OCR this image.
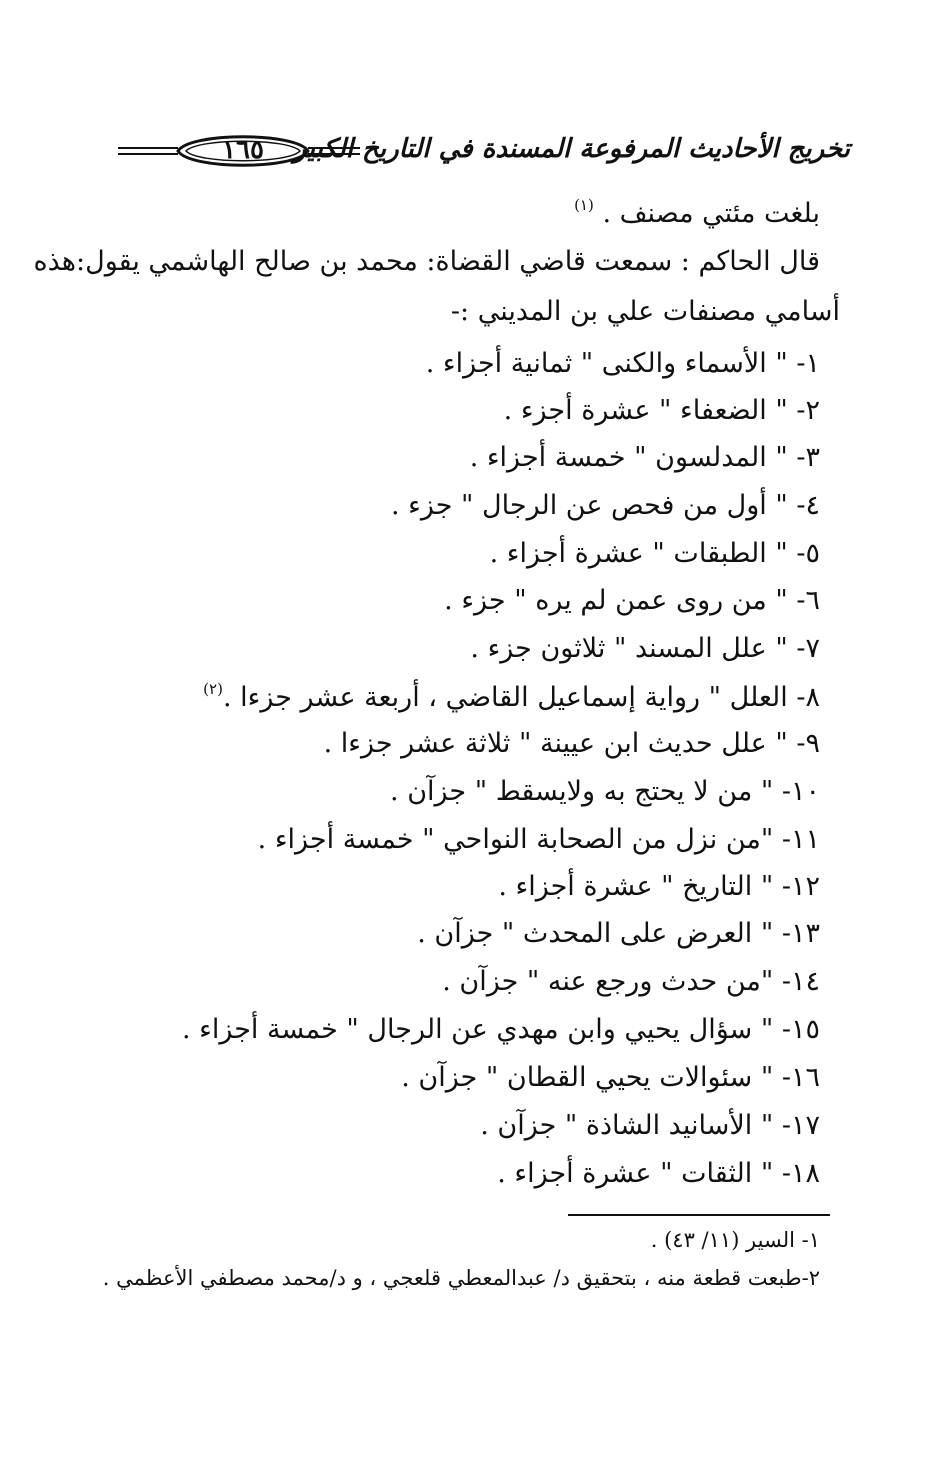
١٦٥	تخريج الأحاديث المرفوعة المسندة في التاريخ الكبير
بلغت مئتي مصنف . $^{(١)}$
قال الحاكم : سمعت قاضي القضاة: محمد بن صالح الهاشمي يقول:هذه
أسامي مصنفات علي بن المديني :-
١- " الأسماء والكنى " ثمانية أجزاء .
٢- " الضعفاء " عشرة أجزء .
٣- " المدلسون " خمسة أجزاء .
٤- " أول من فحص عن الرجال " جزء .
٥- " الطبقات " عشرة أجزاء .
٦- " من روى عمن لم يره " جزء .
٧- " علل المسند " ثلاثون جزء .
٨- العلل " رواية إسماعيل القاضي ، أربعة عشر جزءا .$^{(٢)}$
٩- " علل حديث ابن عيينة " ثلاثة عشر جزءا .
١٠- " من لا يحتج به ولايسقط " جزآن .
١١- "من نزل من الصحابة النواحي " خمسة أجزاء .
١٢- " التاريخ " عشرة أجزاء .
١٣- " العرض على المحدث " جزآن .
١٤- "من حدث ورجع عنه " جزآن .
١٥- " سؤال يحيي وابن مهدي عن الرجال " خمسة أجزاء .
١٦- " سئوالات يحيي القطان " جزآن .
١٧- " الأسانيد الشاذة " جزآن .
١٨- " الثقات " عشرة أجزاء .
١- السير (١١/ ٤٣) .
٢-طبعت قطعة منه ، بتحقيق د/ عبدالمعطي قلعجي ، و د/محمد مصطفي الأعظمي .
